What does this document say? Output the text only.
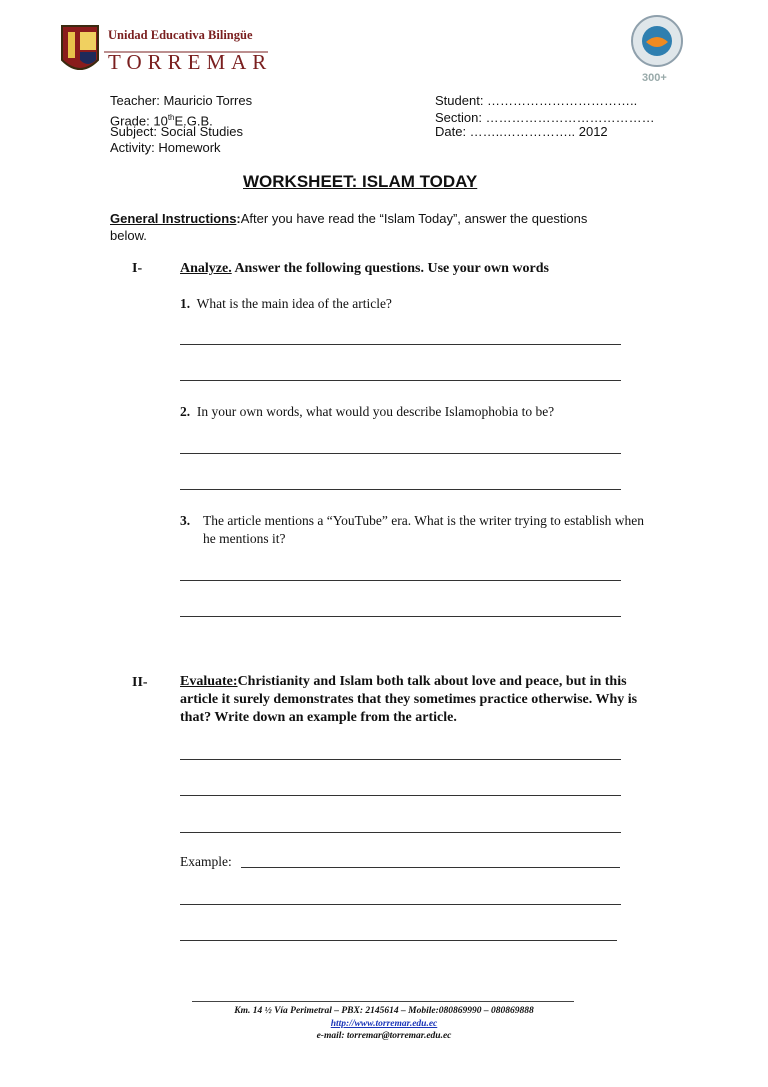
Unidad Educativa Bilingüe
TORREMAR
300+
Teacher: Mauricio Torres
Grade: 10thE.G.B.
Subject: Social Studies
Activity: Homework
Student: ……………………………..
Section: …………………………………
Date: ……..…………….. 2012
WORKSHEET: ISLAM TODAY
General Instructions:After you have read the “Islam Today”, answer the questions below.
I-	Analyze. Answer the following questions. Use your own words
1. What is the main idea of the article?
2. In your own words, what would you describe Islamophobia to be?
3. The article mentions a “YouTube” era. What is the writer trying to establish when he mentions it?
II- Evaluate:Christianity and Islam both talk about love and peace, but in this article it surely demonstrates that they sometimes practice otherwise. Why is that? Write down an example from the article.
Example:
Km. 14 ½ Vía Perimetral – PBX: 2145614 – Mobile:080869990 – 080869888
http://www.torremar.edu.ec
e-mail: torremar@torremar.edu.ec
